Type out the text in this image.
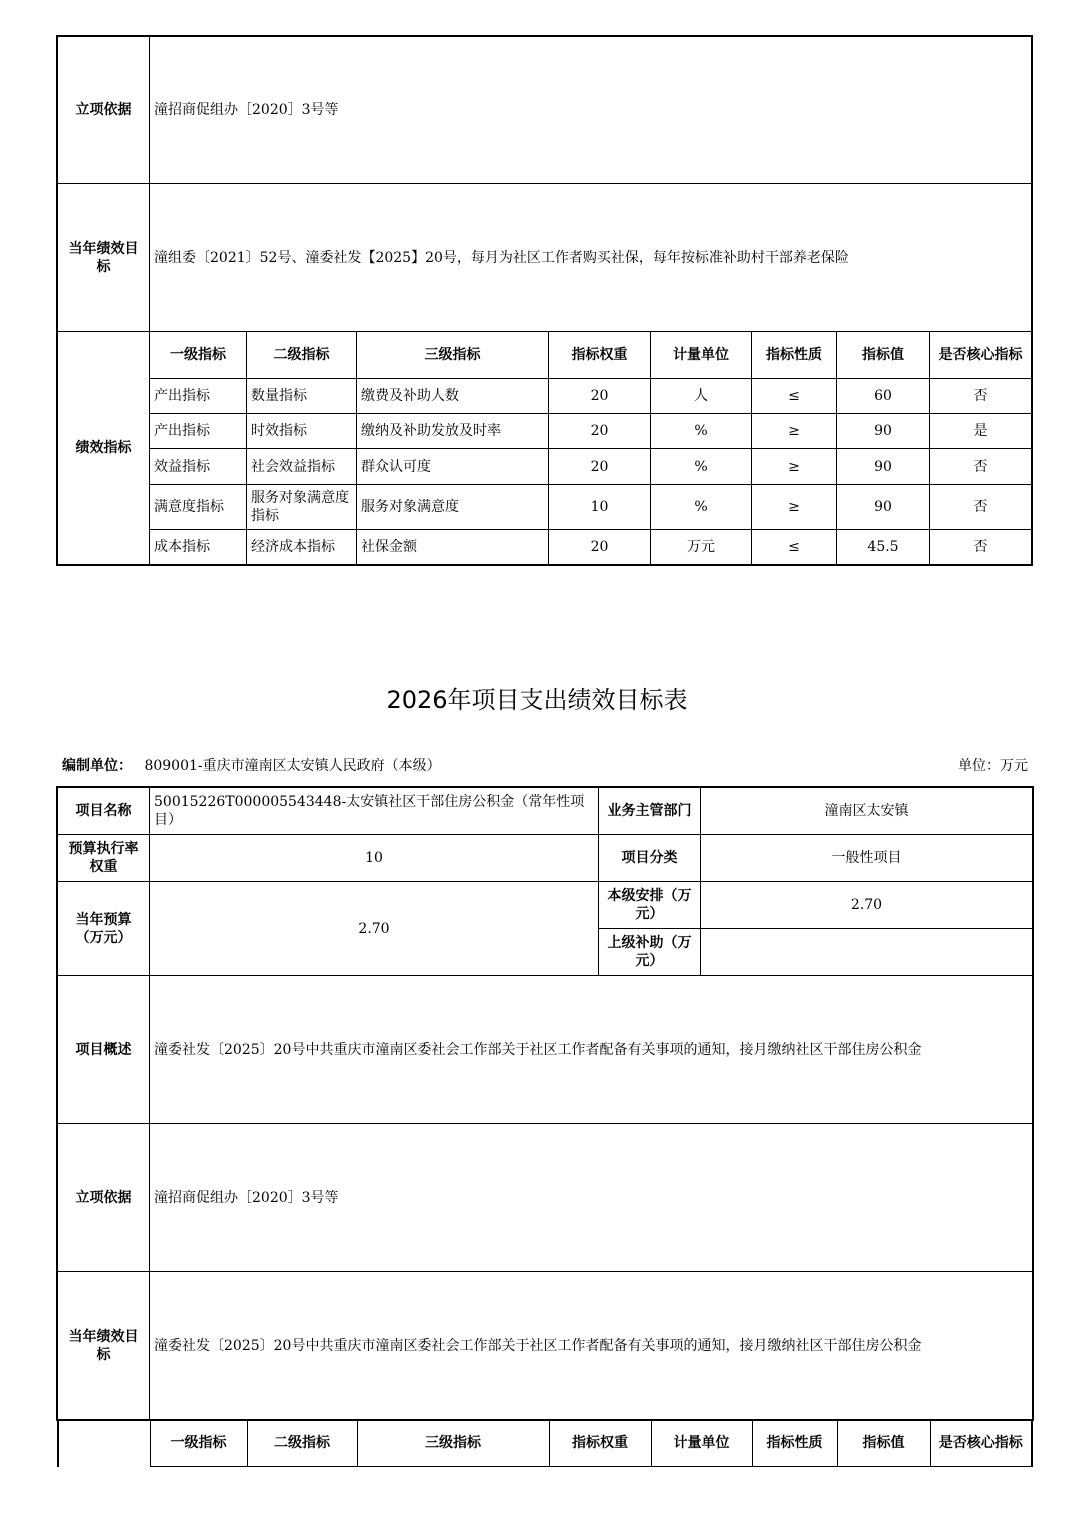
立项依据	潼招商促组办［2020］3号等							
当年绩效目标	潼组委〔2021〕52号、潼委社发【2025】20号，每月为社区工作者购买社保，每年按标准补助村干部养老保险							
绩效指标	一级指标	二级指标	三级指标	指标权重	计量单位	指标性质	指标值	是否核心指标
	产出指标	数量指标	缴费及补助人数	20	人	≤	60	否
	产出指标	时效指标	缴纳及补助发放及时率	20	%	≥	90	是
	效益指标	社会效益指标	群众认可度	20	%	≥	90	否
	满意度指标	服务对象满意度指标	服务对象满意度	10	%	≥	90	否
	成本指标	经济成本指标	社保金额	20	万元	≤	45.5	否
2026年项目支出绩效目标表
编制单位： 809001-重庆市潼南区太安镇人民政府（本级）	单位：万元
项目名称	50015226T000005543448-太安镇社区干部住房公积金（常年性项目）	业务主管部门	潼南区太安镇
预算执行率权重	10	项目分类	一般性项目
当年预算（万元）	2.70	本级安排（万元）	2.70
		上级补助（万元）	
项目概述	潼委社发〔2025〕20号中共重庆市潼南区委社会工作部关于社区工作者配备有关事项的通知，接月缴纳社区干部住房公积金		
立项依据	潼招商促组办［2020］3号等		
当年绩效目标	潼委社发〔2025〕20号中共重庆市潼南区委社会工作部关于社区工作者配备有关事项的通知，接月缴纳社区干部住房公积金		
	一级指标	二级指标	三级指标	指标权重	计量单位	指标性质	指标值	是否核心指标
